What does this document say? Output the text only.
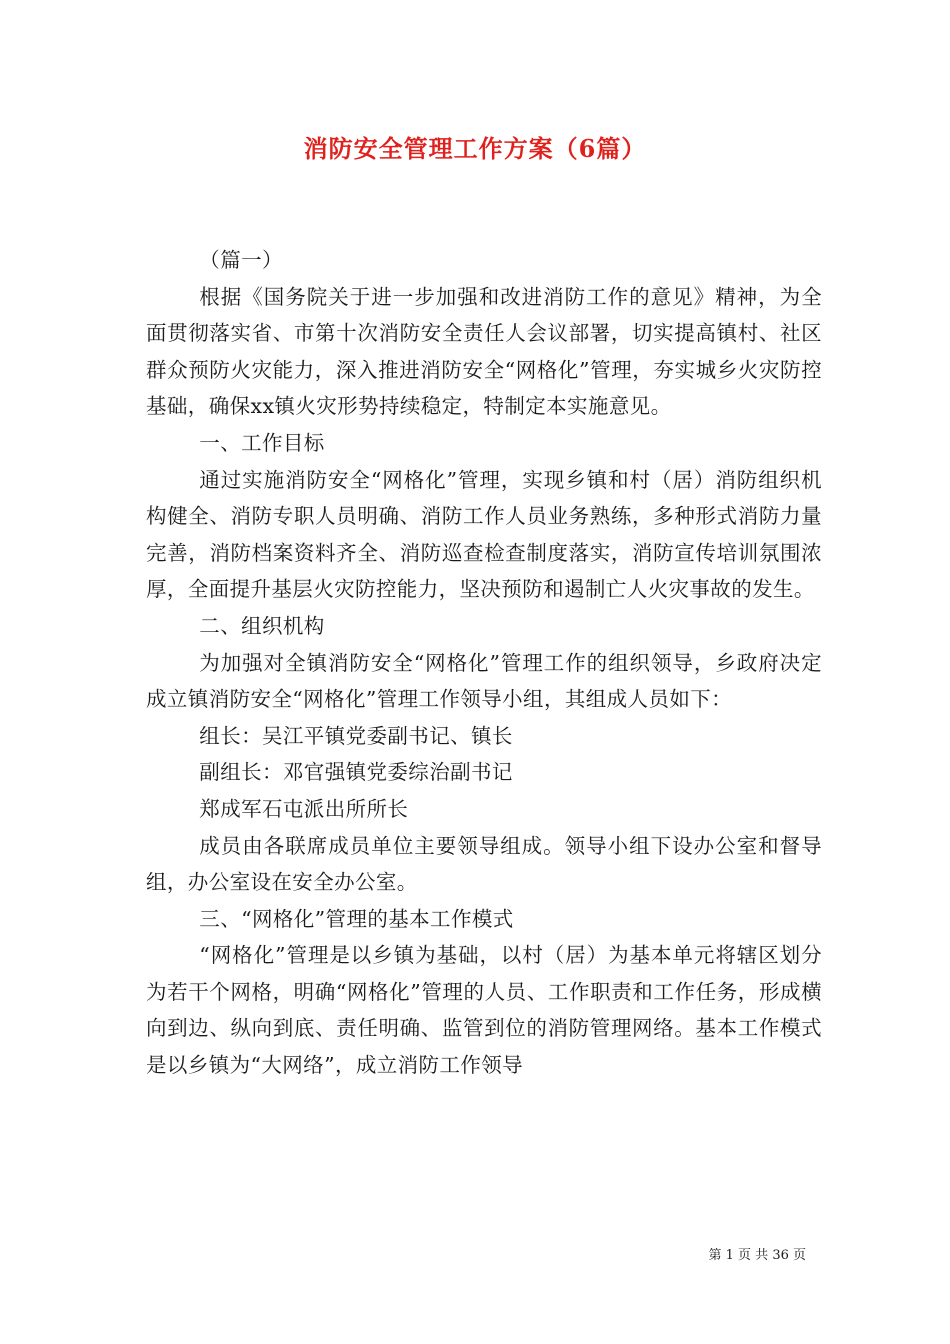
消防安全管理工作方案（6篇）

（篇一）

根据《国务院关于进一步加强和改进消防工作的意见》精神，为全面贯彻落实省、市第十次消防安全责任人会议部署，切实提高镇村、社区群众预防火灾能力，深入推进消防安全“网格化”管理，夯实城乡火灾防控基础，确保xx镇火灾形势持续稳定，特制定本实施意见。

一、工作目标

通过实施消防安全“网格化”管理，实现乡镇和村（居）消防组织机构健全、消防专职人员明确、消防工作人员业务熟练，多种形式消防力量完善，消防档案资料齐全、消防巡查检查制度落实，消防宣传培训氛围浓厚，全面提升基层火灾防控能力，坚决预防和遏制亡人火灾事故的发生。

二、组织机构

为加强对全镇消防安全“网格化”管理工作的组织领导，乡政府决定成立镇消防安全“网格化”管理工作领导小组，其组成人员如下：

组长：吴江平镇党委副书记、镇长

副组长：邓官强镇党委综治副书记

郑成军石屯派出所所长

成员由各联席成员单位主要领导组成。领导小组下设办公室和督导组，办公室设在安全办公室。

三、“网格化”管理的基本工作模式

“网格化”管理是以乡镇为基础，以村（居）为基本单元将辖区划分为若干个网格，明确“网格化”管理的人员、工作职责和工作任务，形成横向到边、纵向到底、责任明确、监管到位的消防管理网络。基本工作模式是以乡镇为“大网络”，成立消防工作领导

第 1 页 共 36 页
